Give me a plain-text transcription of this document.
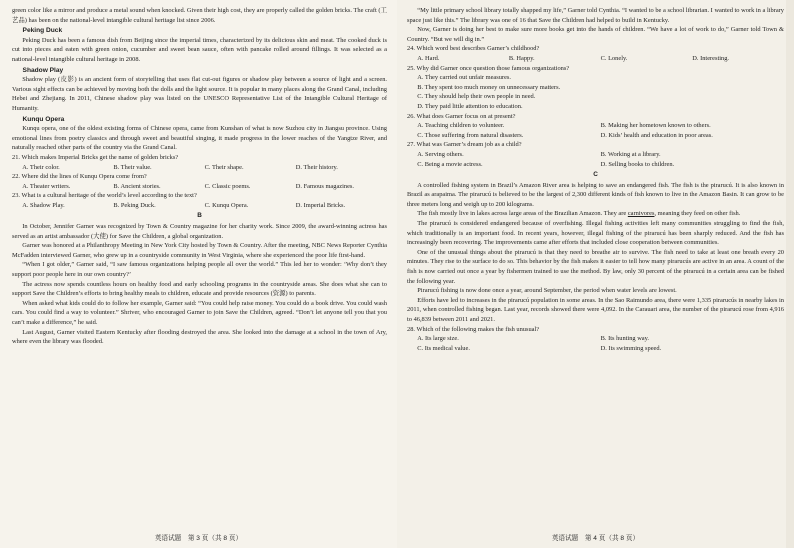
green color like a mirror and produce a metal sound when knocked. Given their high cost, they are properly called the golden bricks. The craft (工艺品) has been on the national-level intangible cultural heritage list since 2006.

Peking Duck

Peking Duck has been a famous dish from Beijing since the imperial times, characterized by its delicious skin and meat. The cooked duck is cut into pieces and eaten with green onion, cucumber and sweet bean sauce, often with pancake rolled around fillings. It was selected as a national-level intangible cultural heritage in 2008.

Shadow Play

Shadow play (皮影) is an ancient form of storytelling that uses flat cut-out figures or shadow play between a source of light and a screen. Various sight effects can be achieved by moving both the dolls and the light source. It is popular in many places along the Grand Canal, including Hebei and Zhejiang. In 2011, Chinese shadow play was listed on the UNESCO Representative List of the Intangible Cultural Heritage of Humanity.

Kunqu Opera

Kunqu opera, one of the oldest existing forms of Chinese opera, came from Kunshan of what is now Suzhou city in Jiangsu province. Using emotional lines from poetry classics and through sweet and beautiful singing, it made progress in the lower reaches of the Yangtze River, and naturally reached other parts of the country via the Grand Canal.

21. Which makes Imperial Bricks get the name of golden bricks?

A. Their color.	B. Their value.	C. Their shape.	D. Their history.

22. Where did the lines of Kunqu Opera come from?

A. Theater writers.	B. Ancient stories.	C. Classic poems.	D. Famous magazines.

23. What is a cultural heritage of the world’s level according to the text?

A. Shadow Play.	B. Peking Duck.	C. Kunqu Opera.	D. Imperial Bricks.
B

In October, Jennifer Garner was recognized by Town & Country magazine for her charity work. Since 2009, the award-winning actress has served as an artist ambassador (大使) for Save the Children, a global organization.

Garner was honored at a Philanthropy Meeting in New York City hosted by Town & Country. After the meeting, NBC News Reporter Cynthia McFadden interviewed Garner, who grew up in a countryside community in West Virginia, where she experienced the poor life first-hand.

“When I got older,” Garner said, “I saw famous organizations helping people all over the world.” This led her to wonder: ‘Why don’t they support poor people here in our own country?’

The actress now spends countless hours on healthy food and early schooling programs in the countryside areas. She does what she can to support Save the Children’s efforts to bring healthy meals to children, educate and provide resources (资源) to parents.

When asked what kids could do to follow her example, Garner said: “You could help raise money. You could do a book drive. You could wash cars. You could find a way to volunteer.” Shriver, who encouraged Garner to join Save the Children, agreed. “Don’t let anyone tell you that you can’t make a difference,” he said.

Last August, Garner visited Eastern Kentucky after flooding destroyed the area. She looked into the damage at a school in the town of Ary, where even the library was flooded.

英语试题　第 3 页（共 8 页）

“My little primary school library totally shapped my life,” Garner told Cynthia. “I wanted to be a school librarian. I wanted to work in a library space just like this.” The library was one of 16 that Save the Children had helped to build in Kentucky.

Now, Garner is doing her best to make sure more books get into the hands of children. “We have a lot of work to do,” Garner told Town & Country. “But we will dig in.”

24. Which word best describes Garner’s childhood?

A. Hard.	B. Happy.	C. Lonely.	D. Interesting.

25. Why did Garner once question those famous organizations?

A. They carried out unfair measures.
B. They spent too much money on unnecessary matters.
C. They should help their own people in need.
D. They paid little attention to education.

26. What does Garner focus on at present?

A. Teaching children to volunteer.	B. Making her hometown known to others.
C. Those suffering from natural disasters.	D. Kids’ health and education in poor areas.

27. What was Garner’s dream job as a child?

A. Serving others.	B. Working at a library.
C. Being a movie actress.	D. Selling books to children.
C

A controlled fishing system in Brazil’s Amazon River area is helping to save an endangered fish. The fish is the pirarucú. It is also known in Brazil as arapaima. The pirarucú is believed to be the largest of 2,300 different kinds of fish known to live in the Amazon Basin. It can grow to be three meters long and weigh up to 200 kilograms.

The fish mostly live in lakes across large areas of the Brazilian Amazon. They are carnivores, meaning they feed on other fish.

The pirarucú is considered endangered because of overfishing. Illegal fishing activities left many communities struggling to find the fish, which traditionally is an important food. In recent years, however, illegal fishing of the pirarucú has been sharply reduced. And the fish has increasingly been recovering. The improvements came after efforts that included close cooperation between communities.

One of the unusual things about the pirarucú is that they need to breathe air to survive. The fish need to take at least one breath every 20 minutes. They rise to the surface to do so. This behavior by the fish makes it easier to tell how many pirarucús are active in an area. A count of the fish is now carried out once a year by fishermen trained to use the method. By law, only 30 percent of the pirarucú in a certain area can be fished the following year.

Pirarucú fishing is now done once a year, around September, the period when water levels are lowest.

Efforts have led to increases in the pirarucú population in some areas. In the Sao Raimundo area, there were 1,335 pirarucús in nearby lakes in 2011, when controlled fishing began. Last year, records showed there were 4,092. In the Carauari area, the number of the pirarucú rose from 4,916 to 46,839 between 2011 and 2021.

28. Which of the following makes the fish unusual?

A. Its large size.	B. Its hunting way.
C. Its medical value.	D. Its swimming speed.
英语试题　第 4 页（共 8 页）
